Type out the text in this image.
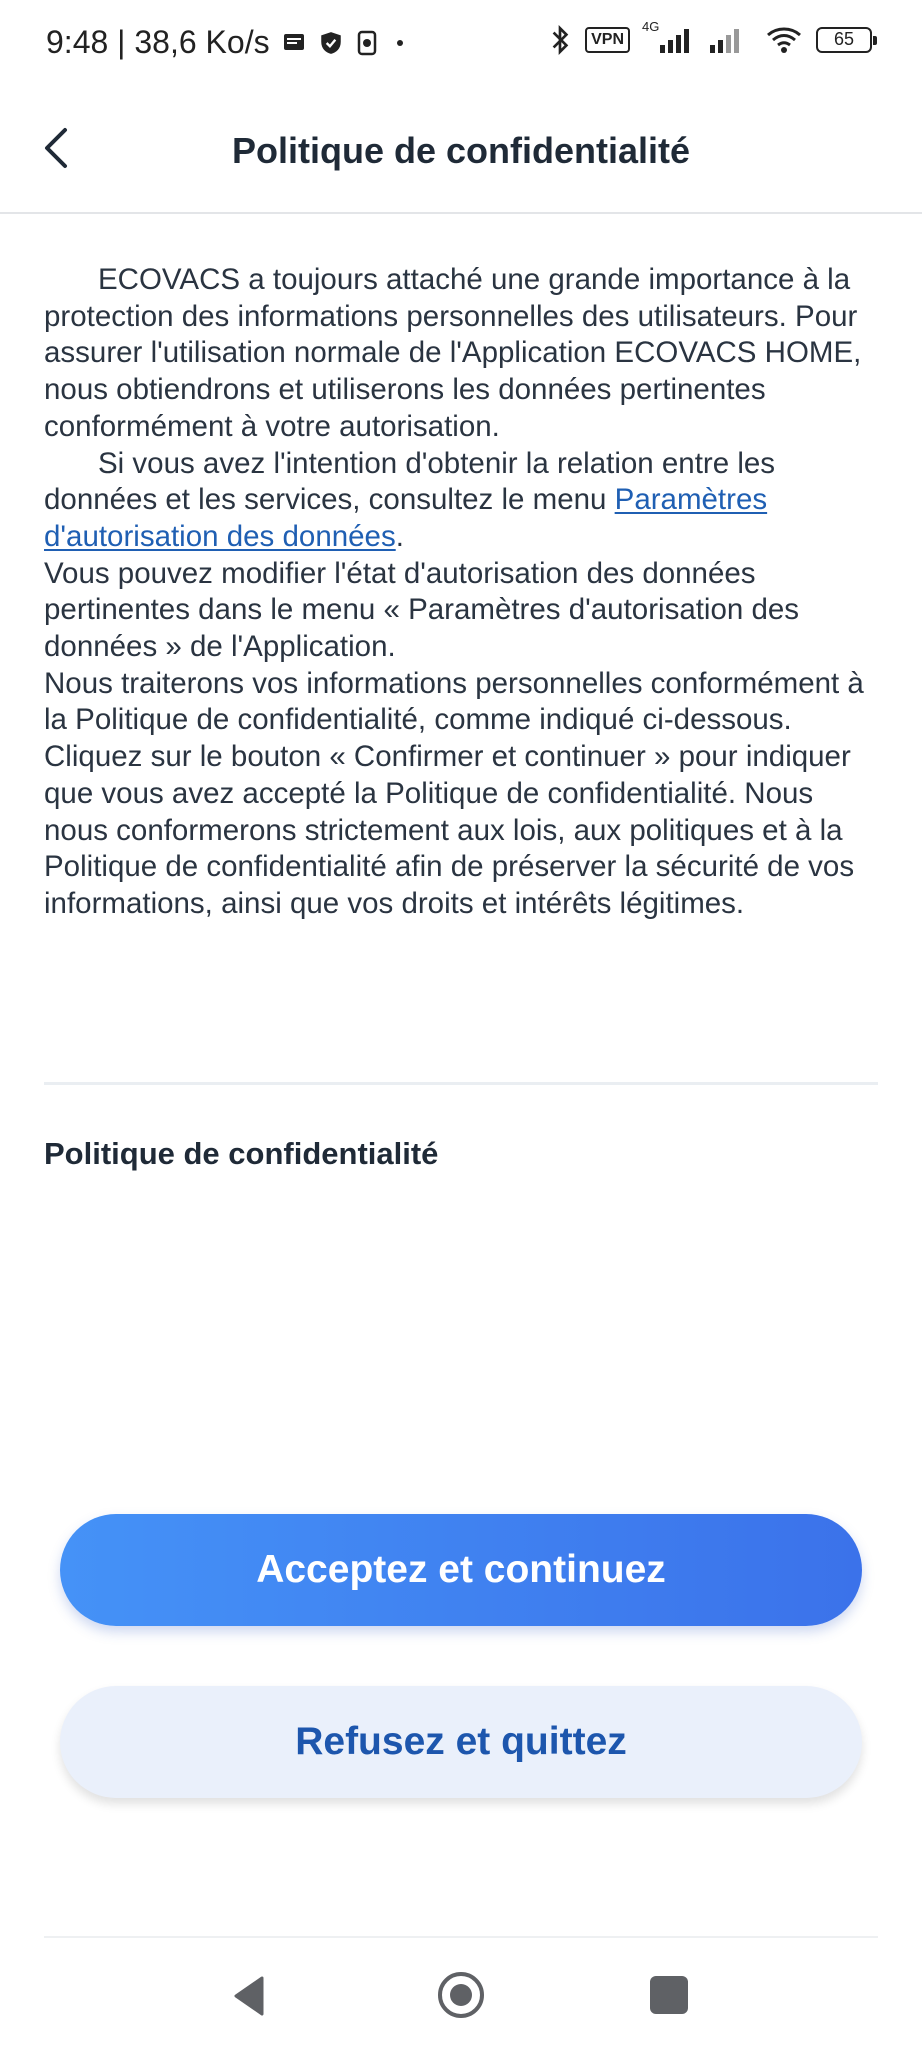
9:48 | 38,6 Ko/s	VPN
4G
65
Politique de confidentialité

ECOVACS a toujours attaché une grande importance à la protection des informations personnelles des utilisateurs. Pour assurer l'utilisation normale de l'Application ECOVACS HOME, nous obtiendrons et utiliserons les données pertinentes conformément à votre autorisation.

Si vous avez l'intention d'obtenir la relation entre les données et les services, consultez le menu Paramètres d'autorisation des données.

Vous pouvez modifier l'état d'autorisation des données pertinentes dans le menu « Paramètres d'autorisation des données » de l'Application.

Nous traiterons vos informations personnelles conformément à la Politique de confidentialité, comme indiqué ci-dessous.

Cliquez sur le bouton « Confirmer et continuer » pour indiquer que vous avez accepté la Politique de confidentialité. Nous nous conformerons strictement aux lois, aux politiques et à la Politique de confidentialité afin de préserver la sécurité de vos informations, ainsi que vos droits et intérêts légitimes.

Politique de confidentialité
Acceptez et continuez
Refusez et quittez
